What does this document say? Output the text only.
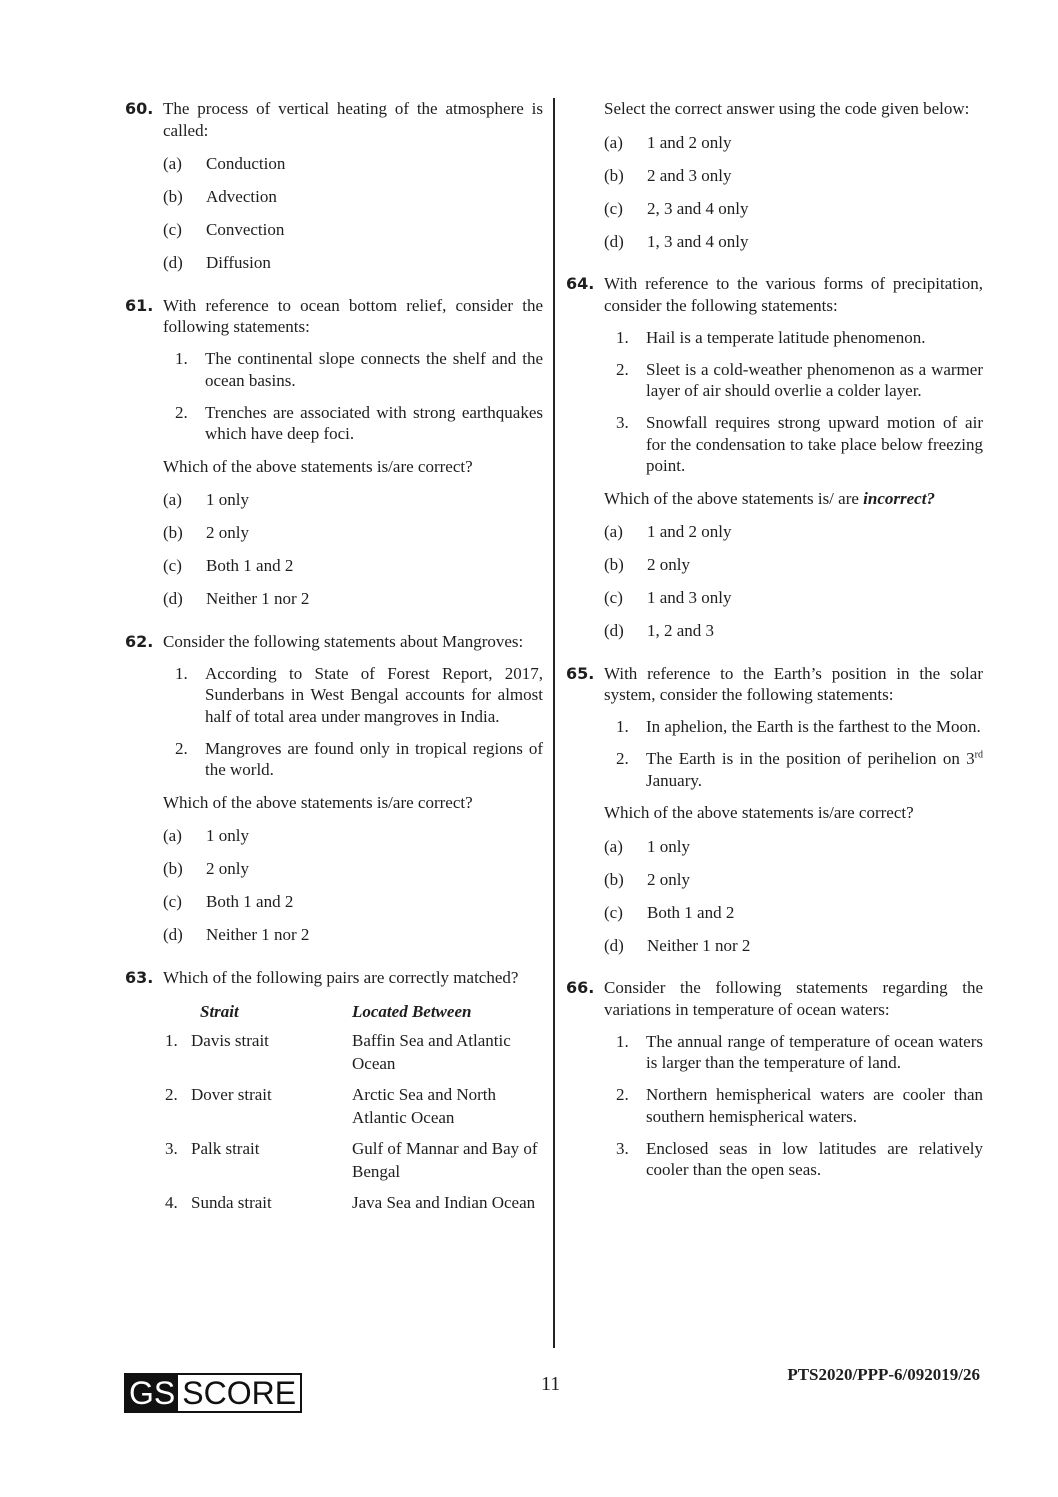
60. The process of vertical heating of the atmosphere is called:
(a)	Conduction
(b)	Advection
(c)	Convection
(d)	Diffusion
61. With reference to ocean bottom relief, consider the following statements:
1.	The continental slope connects the shelf and the ocean basins.
2.	Trenches are associated with strong earthquakes which have deep foci.
Which of the above statements is/are correct?
(a)	1 only
(b)	2 only
(c)	Both 1 and 2
(d)	Neither 1 nor 2
62. Consider the following statements about Mangroves:
1.	According to State of Forest Report, 2017, Sunderbans in West Bengal accounts for almost half of total area under mangroves in India.
2.	Mangroves are found only in tropical regions of the world.
Which of the above statements is/are correct?
(a)	1 only
(b)	2 only
(c)	Both 1 and 2
(d)	Neither 1 nor 2
63. Which of the following pairs are correctly matched?
Strait	Located Between
1. Davis strait	Baffin Sea and Atlantic Ocean
2. Dover strait	Arctic Sea and North Atlantic Ocean
3. Palk strait	Gulf of Mannar and Bay of Bengal
4. Sunda strait	Java Sea and Indian Ocean
Select the correct answer using the code given below:
(a)	1 and 2 only
(b)	2 and 3 only
(c)	2, 3 and 4 only
(d)	1, 3 and 4 only
64. With reference to the various forms of precipitation, consider the following statements:
1.	Hail is a temperate latitude phenomenon.
2.	Sleet is a cold-weather phenomenon as a warmer layer of air should overlie a colder layer.
3.	Snowfall requires strong upward motion of air for the condensation to take place below freezing point.
Which of the above statements is/ are incorrect?
(a)	1 and 2 only
(b)	2 only
(c)	1 and 3 only
(d)	1, 2 and 3
65. With reference to the Earth’s position in the solar system, consider the following statements:
1.	In aphelion, the Earth is the farthest to the Moon.
2.	The Earth is in the position of perihelion on 3rd January.
Which of the above statements is/are correct?
(a)	1 only
(b)	2 only
(c)	Both 1 and 2
(d)	Neither 1 nor 2
66. Consider the following statements regarding the variations in temperature of ocean waters:
1.	The annual range of temperature of ocean waters is larger than the temperature of land.
2.	Northern hemispherical waters are cooler than southern hemispherical waters.
3.	Enclosed seas in low latitudes are relatively cooler than the open seas.
GS SCORE	11	PTS2020/PPP-6/092019/26
